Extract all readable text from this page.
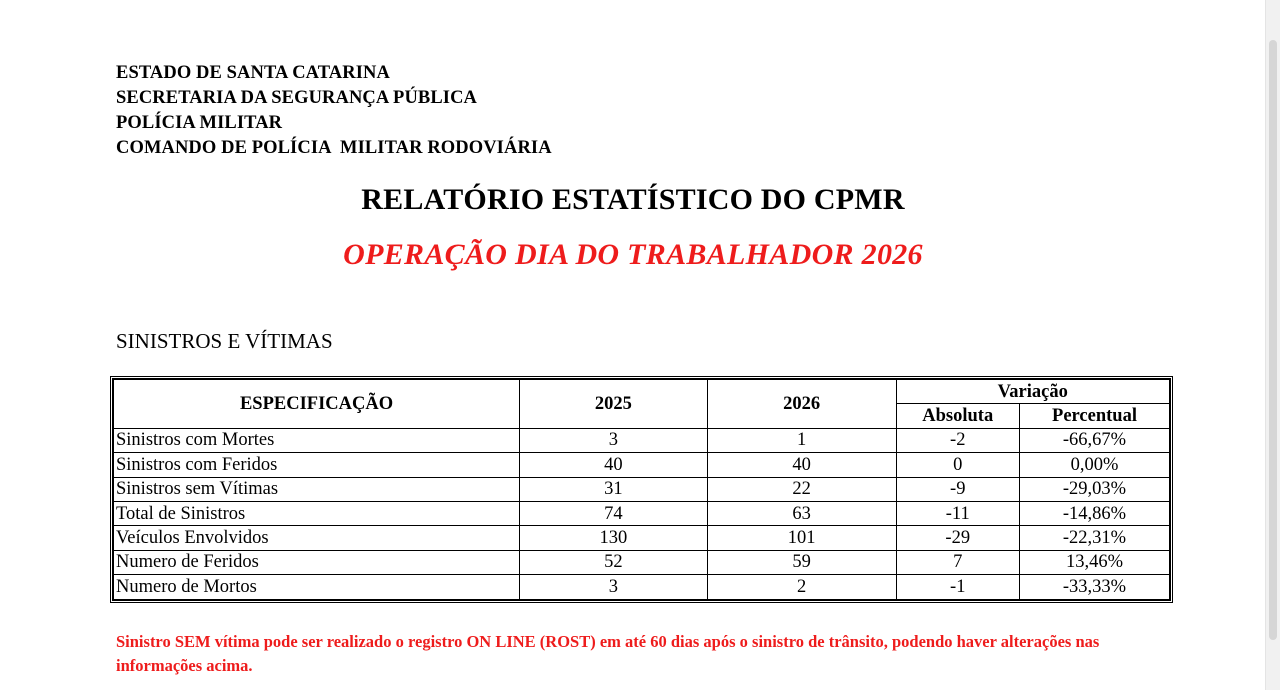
ESTADO DE SANTA CATARINA
SECRETARIA DA SEGURANÇA PÚBLICA
POLÍCIA MILITAR
COMANDO DE POLÍCIA  MILITAR RODOVIÁRIA
RELATÓRIO ESTATÍSTICO DO CPMR
OPERAÇÃO DIA DO TRABALHADOR 2026
SINISTROS E VÍTIMAS
ESPECIFICAÇÃO	2025	2026	Variação	
			Absoluta	Percentual
Sinistros com Mortes	3	1	-2	-66,67%
Sinistros com Feridos	40	40	0	0,00%
Sinistros sem Vítimas	31	22	-9	-29,03%
Total de Sinistros	74	63	-11	-14,86%
Veículos Envolvidos	130	101	-29	-22,31%
Numero de Feridos	52	59	7	13,46%
Numero de Mortos	3	2	-1	-33,33%
Sinistro SEM vítima pode ser realizado o registro ON LINE (ROST) em até 60 dias após o sinistro de trânsito, podendo haver alterações nas informações acima.
